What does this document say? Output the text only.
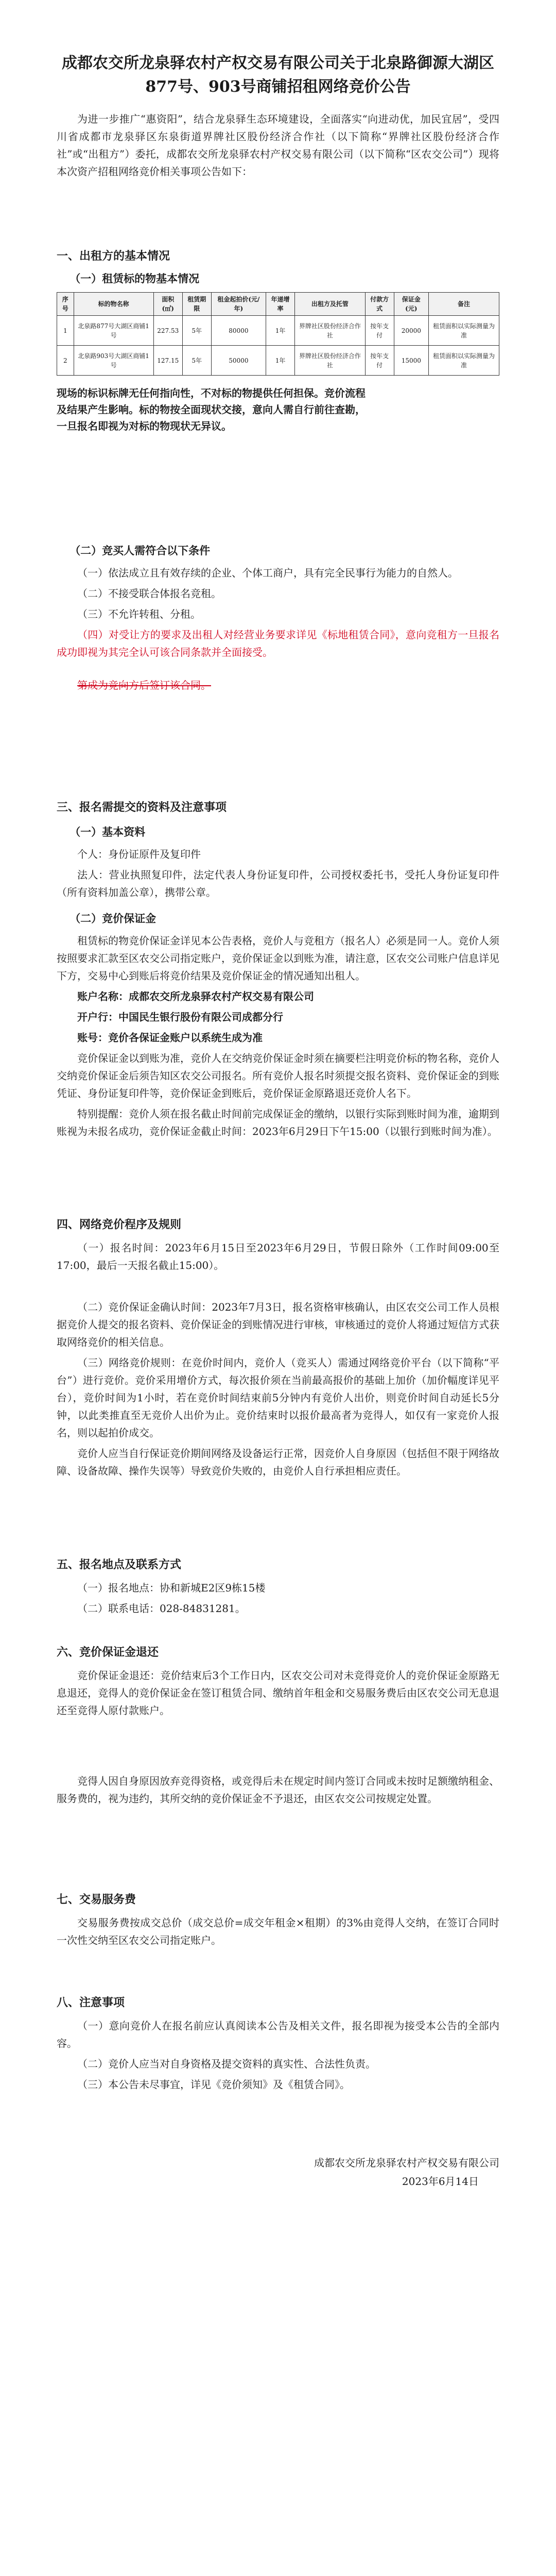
成都农交所龙泉驿农村产权交易有限公司关于北泉路御源大湖区877号、903号商铺招租网络竞价公告

为进一步推广“惠资阳”，结合龙泉驿生态环境建设，全面落实“向进动优，加民宜居”，受四川省成都市龙泉驿区东泉街道界牌社区股份经济合作社（以下简称“界牌社区股份经济合作社”或“出租方”）委托，成都农交所龙泉驿农村产权交易有限公司（以下简称“区农交公司”）现将本次资产招租网络竞价相关事项公告如下：

一、出租方的基本情况
（一）租赁标的物基本情况
序号	标的物名称	面积(㎡)	租赁期限	租金起拍价(元/年)	年递增率	出租方及托管	付款方式	保证金(元)	备注
1	北泉路877号大湖区商铺1号	227.53	5年	80000	1年	界牌社区股份经济合作社	按年支付	20000	租赁面积以实际测量为准
2	北泉路903号大湖区商铺1号	127.15	5年	50000	1年	界牌社区股份经济合作社	按年支付	15000	租赁面积以实际测量为准
现场的标识标牌无任何指向性，不对标的物提供任何担保。竞价流程
及结果产生影响。标的物按全面现状交接，意向人需自行前往查勘，
一旦报名即视为对标的物现状无异议。
（二）竞买人需符合以下条件

（一）依法成立且有效存续的企业、个体工商户，具有完全民事行为能力的自然人。

（二）不接受联合体报名竞租。

（三）不允许转租、分租。

（四）对受让方的要求及出租人对经营业务要求详见《标地租赁合同》，意向竞租方一旦报名成功即视为其完全认可该合同条款并全面接受。

第成为竞向方后签订该合同。

三、报名需提交的资料及注意事项
（一）基本资料

个人：身份证原件及复印件

法人：营业执照复印件，法定代表人身份证复印件，公司授权委托书，受托人身份证复印件（所有资料加盖公章），携带公章。

（二）竞价保证金

租赁标的物竞价保证金详见本公告表格，竞价人与竞租方（报名人）必须是同一人。竞价人须按照要求汇款至区农交公司指定账户，竞价保证金以到账为准，请注意，区农交公司账户信息详见下方，交易中心到账后将竞价结果及竞价保证金的情况通知出租人。

账户名称：成都农交所龙泉驿农村产权交易有限公司

开户行：中国民生银行股份有限公司成都分行

账号：竞价各保证金账户以系统生成为准

竞价保证金以到账为准，竞价人在交纳竞价保证金时须在摘要栏注明竞价标的物名称，竞价人交纳竞价保证金后须告知区农交公司报名。所有竞价人报名时须提交报名资料、竞价保证金的到账凭证、身份证复印件等，竞价保证金到账后，竞价保证金原路退还竞价人名下。

特别提醒：竞价人须在报名截止时间前完成保证金的缴纳，以银行实际到账时间为准，逾期到账视为未报名成功，竞价保证金截止时间：2023年6月29日下午15:00（以银行到账时间为准）。

四、网络竞价程序及规则

（一）报名时间：2023年6月15日至2023年6月29日，节假日除外（工作时间09:00至17:00，最后一天报名截止15:00）。

（二）竞价保证金确认时间：2023年7月3日，报名资格审核确认，由区农交公司工作人员根据竞价人提交的报名资料、竞价保证金的到账情况进行审核，审核通过的竞价人将通过短信方式获取网络竞价的相关信息。

（三）网络竞价规则：在竞价时间内，竞价人（竞买人）需通过网络竞价平台（以下简称“平台”）进行竞价。竞价采用增价方式，每次报价须在当前最高报价的基础上加价（加价幅度详见平台），竞价时间为1小时，若在竞价时间结束前5分钟内有竞价人出价，则竞价时间自动延长5分钟，以此类推直至无竞价人出价为止。竞价结束时以报价最高者为竞得人，如仅有一家竞价人报名，则以起拍价成交。

竞价人应当自行保证竞价期间网络及设备运行正常，因竞价人自身原因（包括但不限于网络故障、设备故障、操作失误等）导致竞价失败的，由竞价人自行承担相应责任。

五、报名地点及联系方式

（一）报名地点：协和新城E2区9栋15楼

（二）联系电话：028-84831281。

六、竞价保证金退还

竞价保证金退还：竞价结束后3个工作日内，区农交公司对未竞得竞价人的竞价保证金原路无息退还，竞得人的竞价保证金在签订租赁合同、缴纳首年租金和交易服务费后由区农交公司无息退还至竞得人原付款账户。

竞得人因自身原因放弃竞得资格，或竞得后未在规定时间内签订合同或未按时足额缴纳租金、服务费的，视为违约，其所交纳的竞价保证金不予退还，由区农交公司按规定处置。

七、交易服务费

交易服务费按成交总价（成交总价=成交年租金×租期）的3%由竞得人交纳，在签订合同时一次性交纳至区农交公司指定账户。

八、注意事项

（一）意向竞价人在报名前应认真阅读本公告及相关文件，报名即视为接受本公告的全部内容。

（二）竞价人应当对自身资格及提交资料的真实性、合法性负责。

（三）本公告未尽事宜，详见《竞价须知》及《租赁合同》。

成都农交所龙泉驿农村产权交易有限公司

2023年6月14日
